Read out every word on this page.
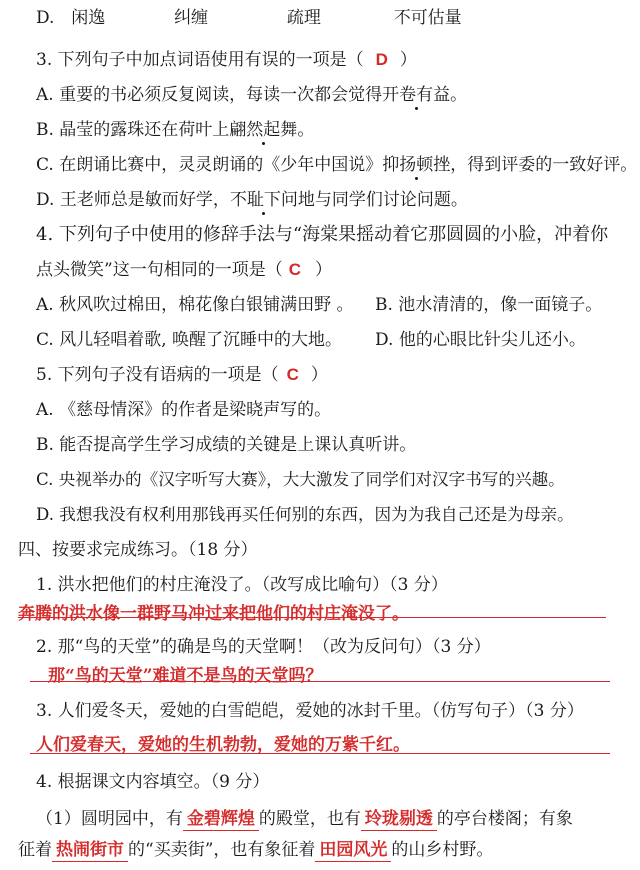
D. 闲逸	纠缠	疏理	不可估量
3. 下列句子中加点词语使用有误的一项是（ D ）
A. 重要的书必须反复阅读，每读一次都会觉得开卷有益。
B. 晶莹的露珠还在荷叶上翩然起舞。
C. 在朗诵比赛中，灵灵朗诵的《少年中国说》抑扬顿挫，得到评委的一致好评。
D. 王老师总是敏而好学，不耻下问地与同学们讨论问题。
4. 下列句子中使用的修辞手法与“海棠果摇动着它那圆圆的小脸，冲着你
点头微笑”这一句相同的一项是（ C ）
A. 秋风吹过棉田，棉花像白银铺满田野 。 B. 池水清清的，像一面镜子。
C. 风儿轻唱着歌, 唤醒了沉睡中的大地。 D. 他的心眼比针尖儿还小。
5. 下列句子没有语病的一项是（ C ）
A. 《慈母情深》的作者是梁晓声写的。
B. 能否提高学生学习成绩的关键是上课认真听讲。
C. 央视举办的《汉字听写大赛》，大大激发了同学们对汉字书写的兴趣。
D. 我想我没有权利用那钱再买任何别的东西，因为为我自己还是为母亲。
四、按要求完成练习。（18 分）
1. 洪水把他们的村庄淹没了。（改写成比喻句）（3 分）
奔腾的洪水像一群野马冲过来把他们的村庄淹没了。
2. 那“鸟的天堂”的确是鸟的天堂啊！（改为反问句）（3 分）
那“鸟的天堂”难道不是鸟的天堂吗？
3. 人们爱冬天，爱她的白雪皑皑，爱她的冰封千里。（仿写句子）（3 分）
人们爱春天，爱她的生机勃勃，爱她的万紫千红。
4. 根据课文内容填空。（9 分）
（1）圆明园中，有 金碧辉煌 的殿堂，也有 玲珑剔透 的亭台楼阁；有象
征着 热闹街市 的“买卖街”，也有象征着 田园风光 的山乡村野。
